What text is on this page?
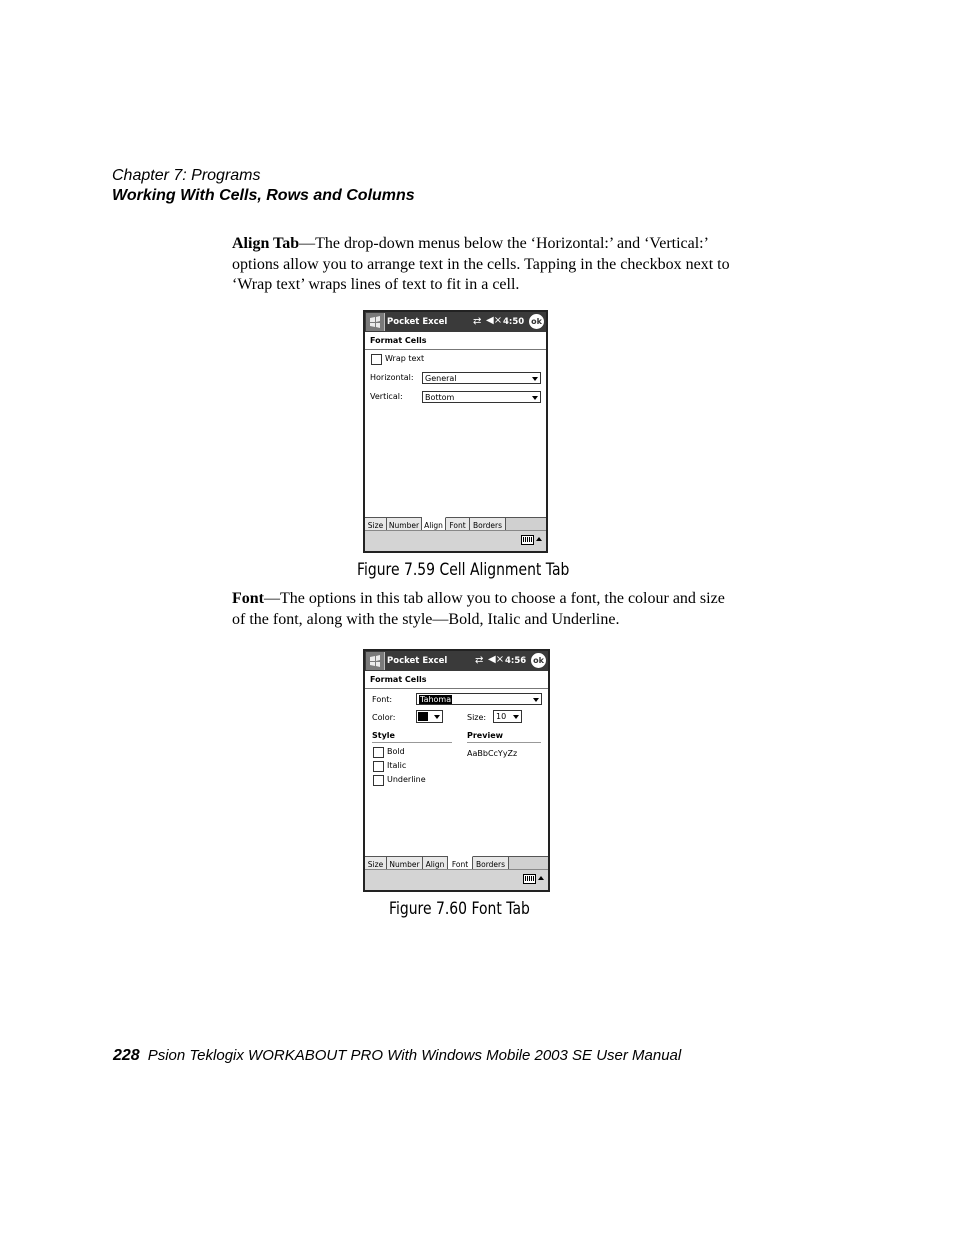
Chapter 7: Programs
Working With Cells, Rows and Columns
Align Tab—The drop-down menus below the ‘Horizontal:’ and ‘Vertical:’ options allow you to arrange text in the cells. Tapping in the checkbox next to ‘Wrap text’ wraps lines of text to fit in a cell.
Pocket Excel	⇄ ◀× 4:50 ok
Format Cells
Wrap text
Horizontal: General
Vertical:	Bottom
Size Number Align Font Borders
Figure 7.59 Cell Alignment Tab
Font—The options in this tab allow you to choose a font, the colour and size of the font, along with the style—Bold, Italic and Underline.
Pocket Excel	⇄ ◀× 4:56 ok
Format Cells
Font:	Tahoma
Color:	Size: 10
Style	Preview
Bold
Italic
Underline
AaBbCcYyZz
Size Number Align Font	Borders
Figure 7.60 Font Tab
228 Psion Teklogix WORKABOUT PRO With Windows Mobile 2003 SE User Manual
